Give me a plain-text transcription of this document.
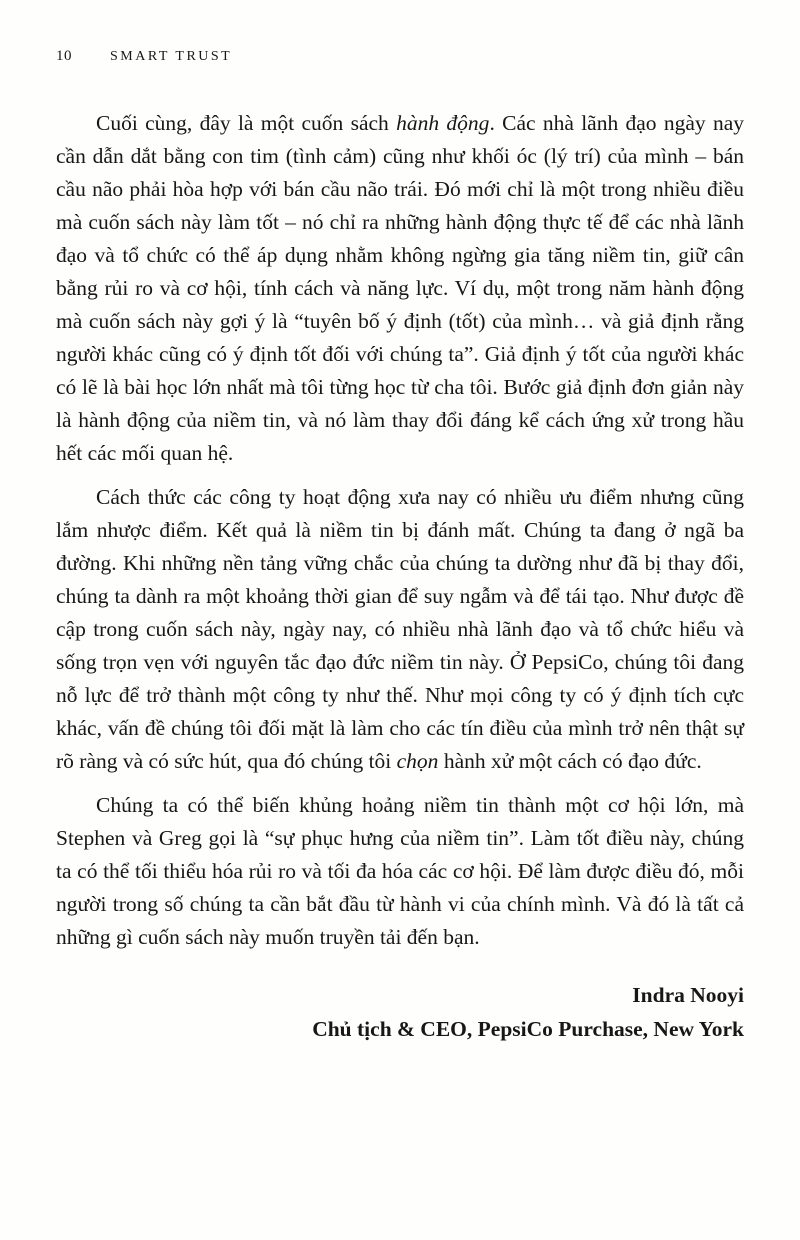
10	SMART TRUST

Cuối cùng, đây là một cuốn sách hành động. Các nhà lãnh đạo ngày nay cần dẫn dắt bằng con tim (tình cảm) cũng như khối óc (lý trí) của mình – bán cầu não phải hòa hợp với bán cầu não trái. Đó mới chỉ là một trong nhiều điều mà cuốn sách này làm tốt – nó chỉ ra những hành động thực tế để các nhà lãnh đạo và tổ chức có thể áp dụng nhằm không ngừng gia tăng niềm tin, giữ cân bằng rủi ro và cơ hội, tính cách và năng lực. Ví dụ, một trong năm hành động mà cuốn sách này gợi ý là “tuyên bố ý định (tốt) của mình… và giả định rằng người khác cũng có ý định tốt đối với chúng ta”. Giả định ý tốt của người khác có lẽ là bài học lớn nhất mà tôi từng học từ cha tôi. Bước giả định đơn giản này là hành động của niềm tin, và nó làm thay đổi đáng kể cách ứng xử trong hầu hết các mối quan hệ.

Cách thức các công ty hoạt động xưa nay có nhiều ưu điểm nhưng cũng lắm nhược điểm. Kết quả là niềm tin bị đánh mất. Chúng ta đang ở ngã ba đường. Khi những nền tảng vững chắc của chúng ta dường như đã bị thay đổi, chúng ta dành ra một khoảng thời gian để suy ngẫm và để tái tạo. Như được đề cập trong cuốn sách này, ngày nay, có nhiều nhà lãnh đạo và tổ chức hiểu và sống trọn vẹn với nguyên tắc đạo đức niềm tin này. Ở PepsiCo, chúng tôi đang nỗ lực để trở thành một công ty như thế. Như mọi công ty có ý định tích cực khác, vấn đề chúng tôi đối mặt là làm cho các tín điều của mình trở nên thật sự rõ ràng và có sức hút, qua đó chúng tôi chọn hành xử một cách có đạo đức.

Chúng ta có thể biến khủng hoảng niềm tin thành một cơ hội lớn, mà Stephen và Greg gọi là “sự phục hưng của niềm tin”. Làm tốt điều này, chúng ta có thể tối thiểu hóa rủi ro và tối đa hóa các cơ hội. Để làm được điều đó, mỗi người trong số chúng ta cần bắt đầu từ hành vi của chính mình. Và đó là tất cả những gì cuốn sách này muốn truyền tải đến bạn.

Indra Nooyi
Chủ tịch & CEO, PepsiCo Purchase, New York
